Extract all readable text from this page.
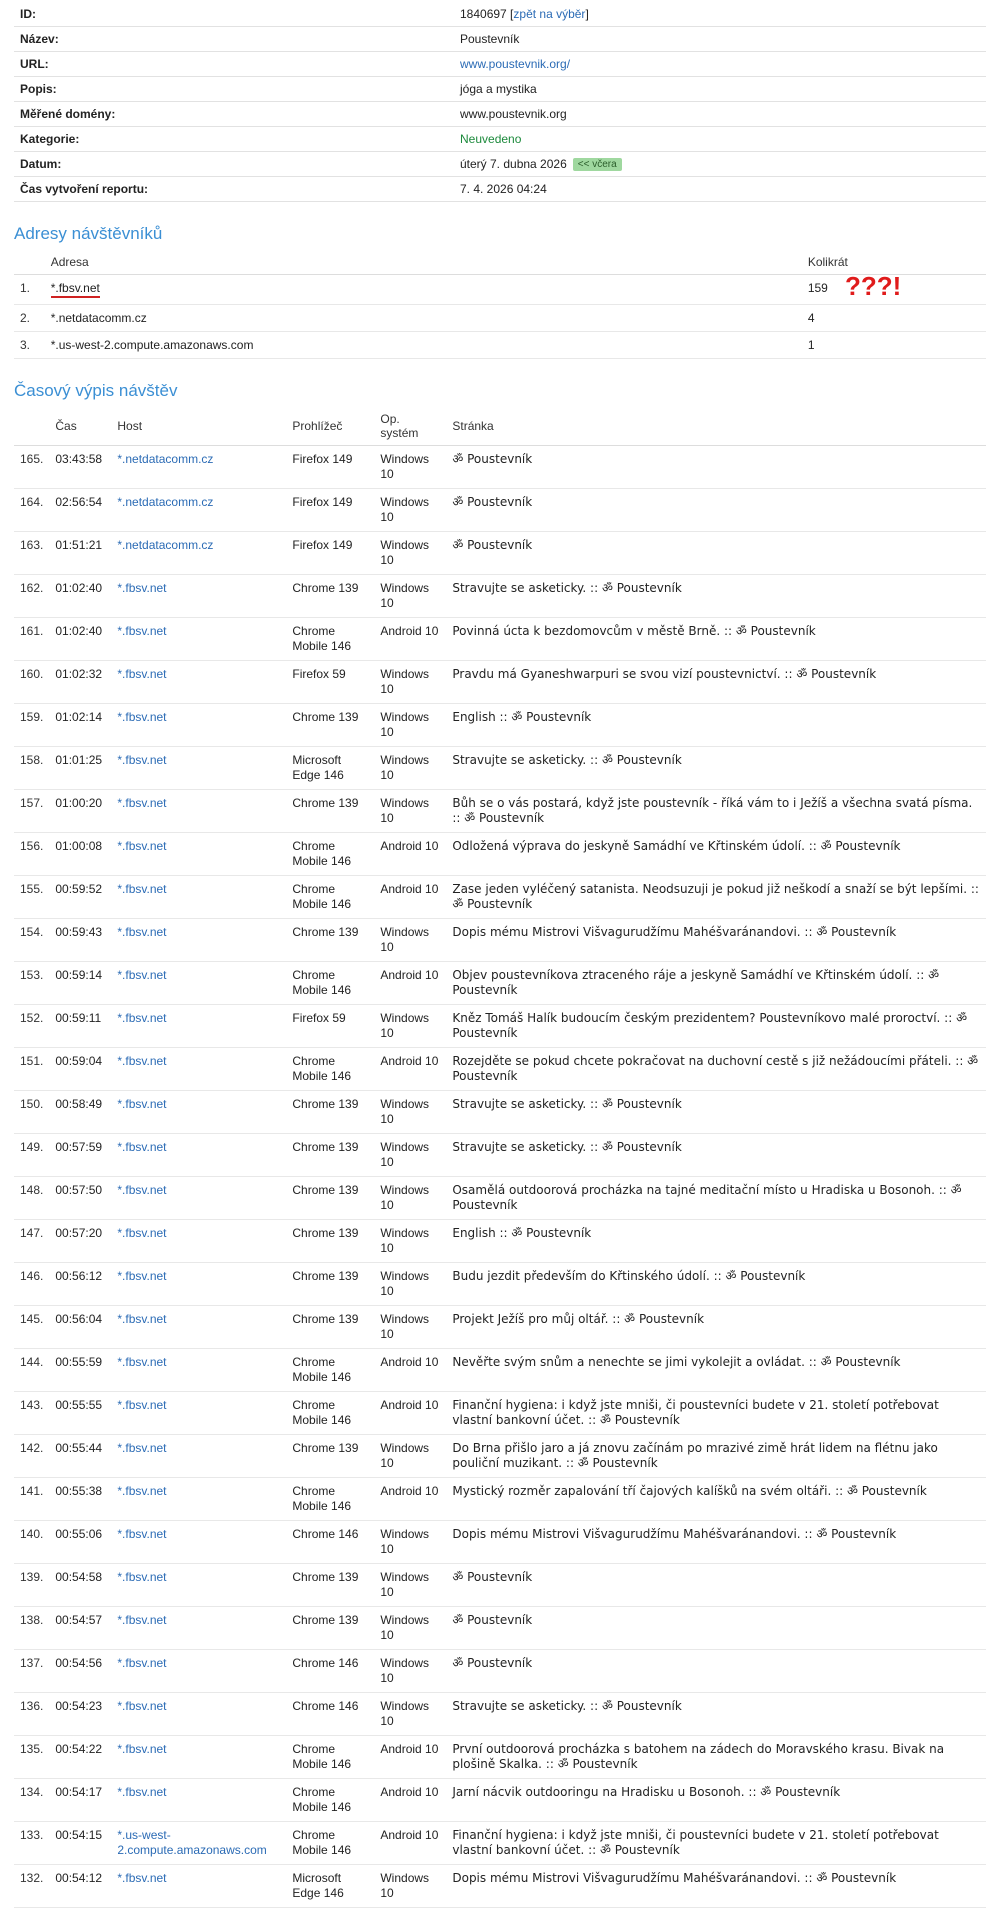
ID:	1840697 [zpět na výběr]
Název:	Poustevník
URL:	www.poustevnik.org/
Popis:	jóga a mystika
Měřené domény:	www.poustevnik.org
Kategorie:	Neuvedeno
Datum:	úterý 7. dubna 2026 << včera
Čas vytvoření reportu:	7. 4. 2026 04:24
Adresy návštěvníků
	Adresa	Kolikrát
1.	*.fbsv.net	159
2.	*.netdatacomm.cz	4
3.	*.us-west-2.compute.amazonaws.com	1
???!
Časový výpis návštěv
	Čas	Host	Prohlížeč	Op. systém	Stránka
165.	03:43:58	*.netdatacomm.cz	Firefox 149	Windows 10	ॐ Poustevník
164.	02:56:54	*.netdatacomm.cz	Firefox 149	Windows 10	ॐ Poustevník
163.	01:51:21	*.netdatacomm.cz	Firefox 149	Windows 10	ॐ Poustevník
162.	01:02:40	*.fbsv.net	Chrome 139	Windows 10	Stravujte se asketicky. :: ॐ Poustevník
161.	01:02:40	*.fbsv.net	Chrome Mobile 146	Android 10	Povinná úcta k bezdomovcům v městě Brně. :: ॐ Poustevník
160.	01:02:32	*.fbsv.net	Firefox 59	Windows 10	Pravdu má Gyaneshwarpuri se svou vizí poustevnictví. :: ॐ Poustevník
159.	01:02:14	*.fbsv.net	Chrome 139	Windows 10	English :: ॐ Poustevník
158.	01:01:25	*.fbsv.net	Microsoft Edge 146	Windows 10	Stravujte se asketicky. :: ॐ Poustevník
157.	01:00:20	*.fbsv.net	Chrome 139	Windows 10	Bůh se o vás postará, když jste poustevník - říká vám to i Ježíš a všechna svatá písma. :: ॐ Poustevník
156.	01:00:08	*.fbsv.net	Chrome Mobile 146	Android 10	Odložená výprava do jeskyně Samádhí ve Křtinském údolí. :: ॐ Poustevník
155.	00:59:52	*.fbsv.net	Chrome Mobile 146	Android 10	Zase jeden vyléčený satanista. Neodsuzuji je pokud již neškodí a snaží se být lepšími. :: ॐ Poustevník
154.	00:59:43	*.fbsv.net	Chrome 139	Windows 10	Dopis mému Mistrovi Višvagurudžímu Mahéšvaránandovi. :: ॐ Poustevník
153.	00:59:14	*.fbsv.net	Chrome Mobile 146	Android 10	Objev poustevníkova ztraceného ráje a jeskyně Samádhí ve Křtinském údolí. :: ॐ Poustevník
152.	00:59:11	*.fbsv.net	Firefox 59	Windows 10	Kněz Tomáš Halík budoucím českým prezidentem? Poustevníkovo malé proroctví. :: ॐ Poustevník
151.	00:59:04	*.fbsv.net	Chrome Mobile 146	Android 10	Rozejděte se pokud chcete pokračovat na duchovní cestě s již nežádoucími přáteli. :: ॐ Poustevník
150.	00:58:49	*.fbsv.net	Chrome 139	Windows 10	Stravujte se asketicky. :: ॐ Poustevník
149.	00:57:59	*.fbsv.net	Chrome 139	Windows 10	Stravujte se asketicky. :: ॐ Poustevník
148.	00:57:50	*.fbsv.net	Chrome 139	Windows 10	Osamělá outdoorová procházka na tajné meditační místo u Hradiska u Bosonoh. :: ॐ Poustevník
147.	00:57:20	*.fbsv.net	Chrome 139	Windows 10	English :: ॐ Poustevník
146.	00:56:12	*.fbsv.net	Chrome 139	Windows 10	Budu jezdit především do Křtinského údolí. :: ॐ Poustevník
145.	00:56:04	*.fbsv.net	Chrome 139	Windows 10	Projekt Ježíš pro můj oltář. :: ॐ Poustevník
144.	00:55:59	*.fbsv.net	Chrome Mobile 146	Android 10	Nevěřte svým snům a nenechte se jimi vykolejit a ovládat. :: ॐ Poustevník
143.	00:55:55	*.fbsv.net	Chrome Mobile 146	Android 10	Finanční hygiena: i když jste mniši, či poustevníci budete v 21. století potřebovat vlastní bankovní účet. :: ॐ Poustevník
142.	00:55:44	*.fbsv.net	Chrome 139	Windows 10	Do Brna přišlo jaro a já znovu začínám po mrazivé zimě hrát lidem na flétnu jako pouliční muzikant. :: ॐ Poustevník
141.	00:55:38	*.fbsv.net	Chrome Mobile 146	Android 10	Mystický rozměr zapalování tří čajových kalíšků na svém oltáři. :: ॐ Poustevník
140.	00:55:06	*.fbsv.net	Chrome 146	Windows 10	Dopis mému Mistrovi Višvagurudžímu Mahéšvaránandovi. :: ॐ Poustevník
139.	00:54:58	*.fbsv.net	Chrome 139	Windows 10	ॐ Poustevník
138.	00:54:57	*.fbsv.net	Chrome 139	Windows 10	ॐ Poustevník
137.	00:54:56	*.fbsv.net	Chrome 146	Windows 10	ॐ Poustevník
136.	00:54:23	*.fbsv.net	Chrome 146	Windows 10	Stravujte se asketicky. :: ॐ Poustevník
135.	00:54:22	*.fbsv.net	Chrome Mobile 146	Android 10	První outdoorová procházka s batohem na zádech do Moravského krasu. Bivak na plošině Skalka. :: ॐ Poustevník
134.	00:54:17	*.fbsv.net	Chrome Mobile 146	Android 10	Jarní nácvik outdooringu na Hradisku u Bosonoh. :: ॐ Poustevník
133.	00:54:15	*.us-west-2.compute.amazonaws.com	Chrome Mobile 146	Android 10	Finanční hygiena: i když jste mniši, či poustevníci budete v 21. století potřebovat vlastní bankovní účet. :: ॐ Poustevník
132.	00:54:12	*.fbsv.net	Microsoft Edge 146	Windows 10	Dopis mému Mistrovi Višvagurudžímu Mahéšvaránandovi. :: ॐ Poustevník
